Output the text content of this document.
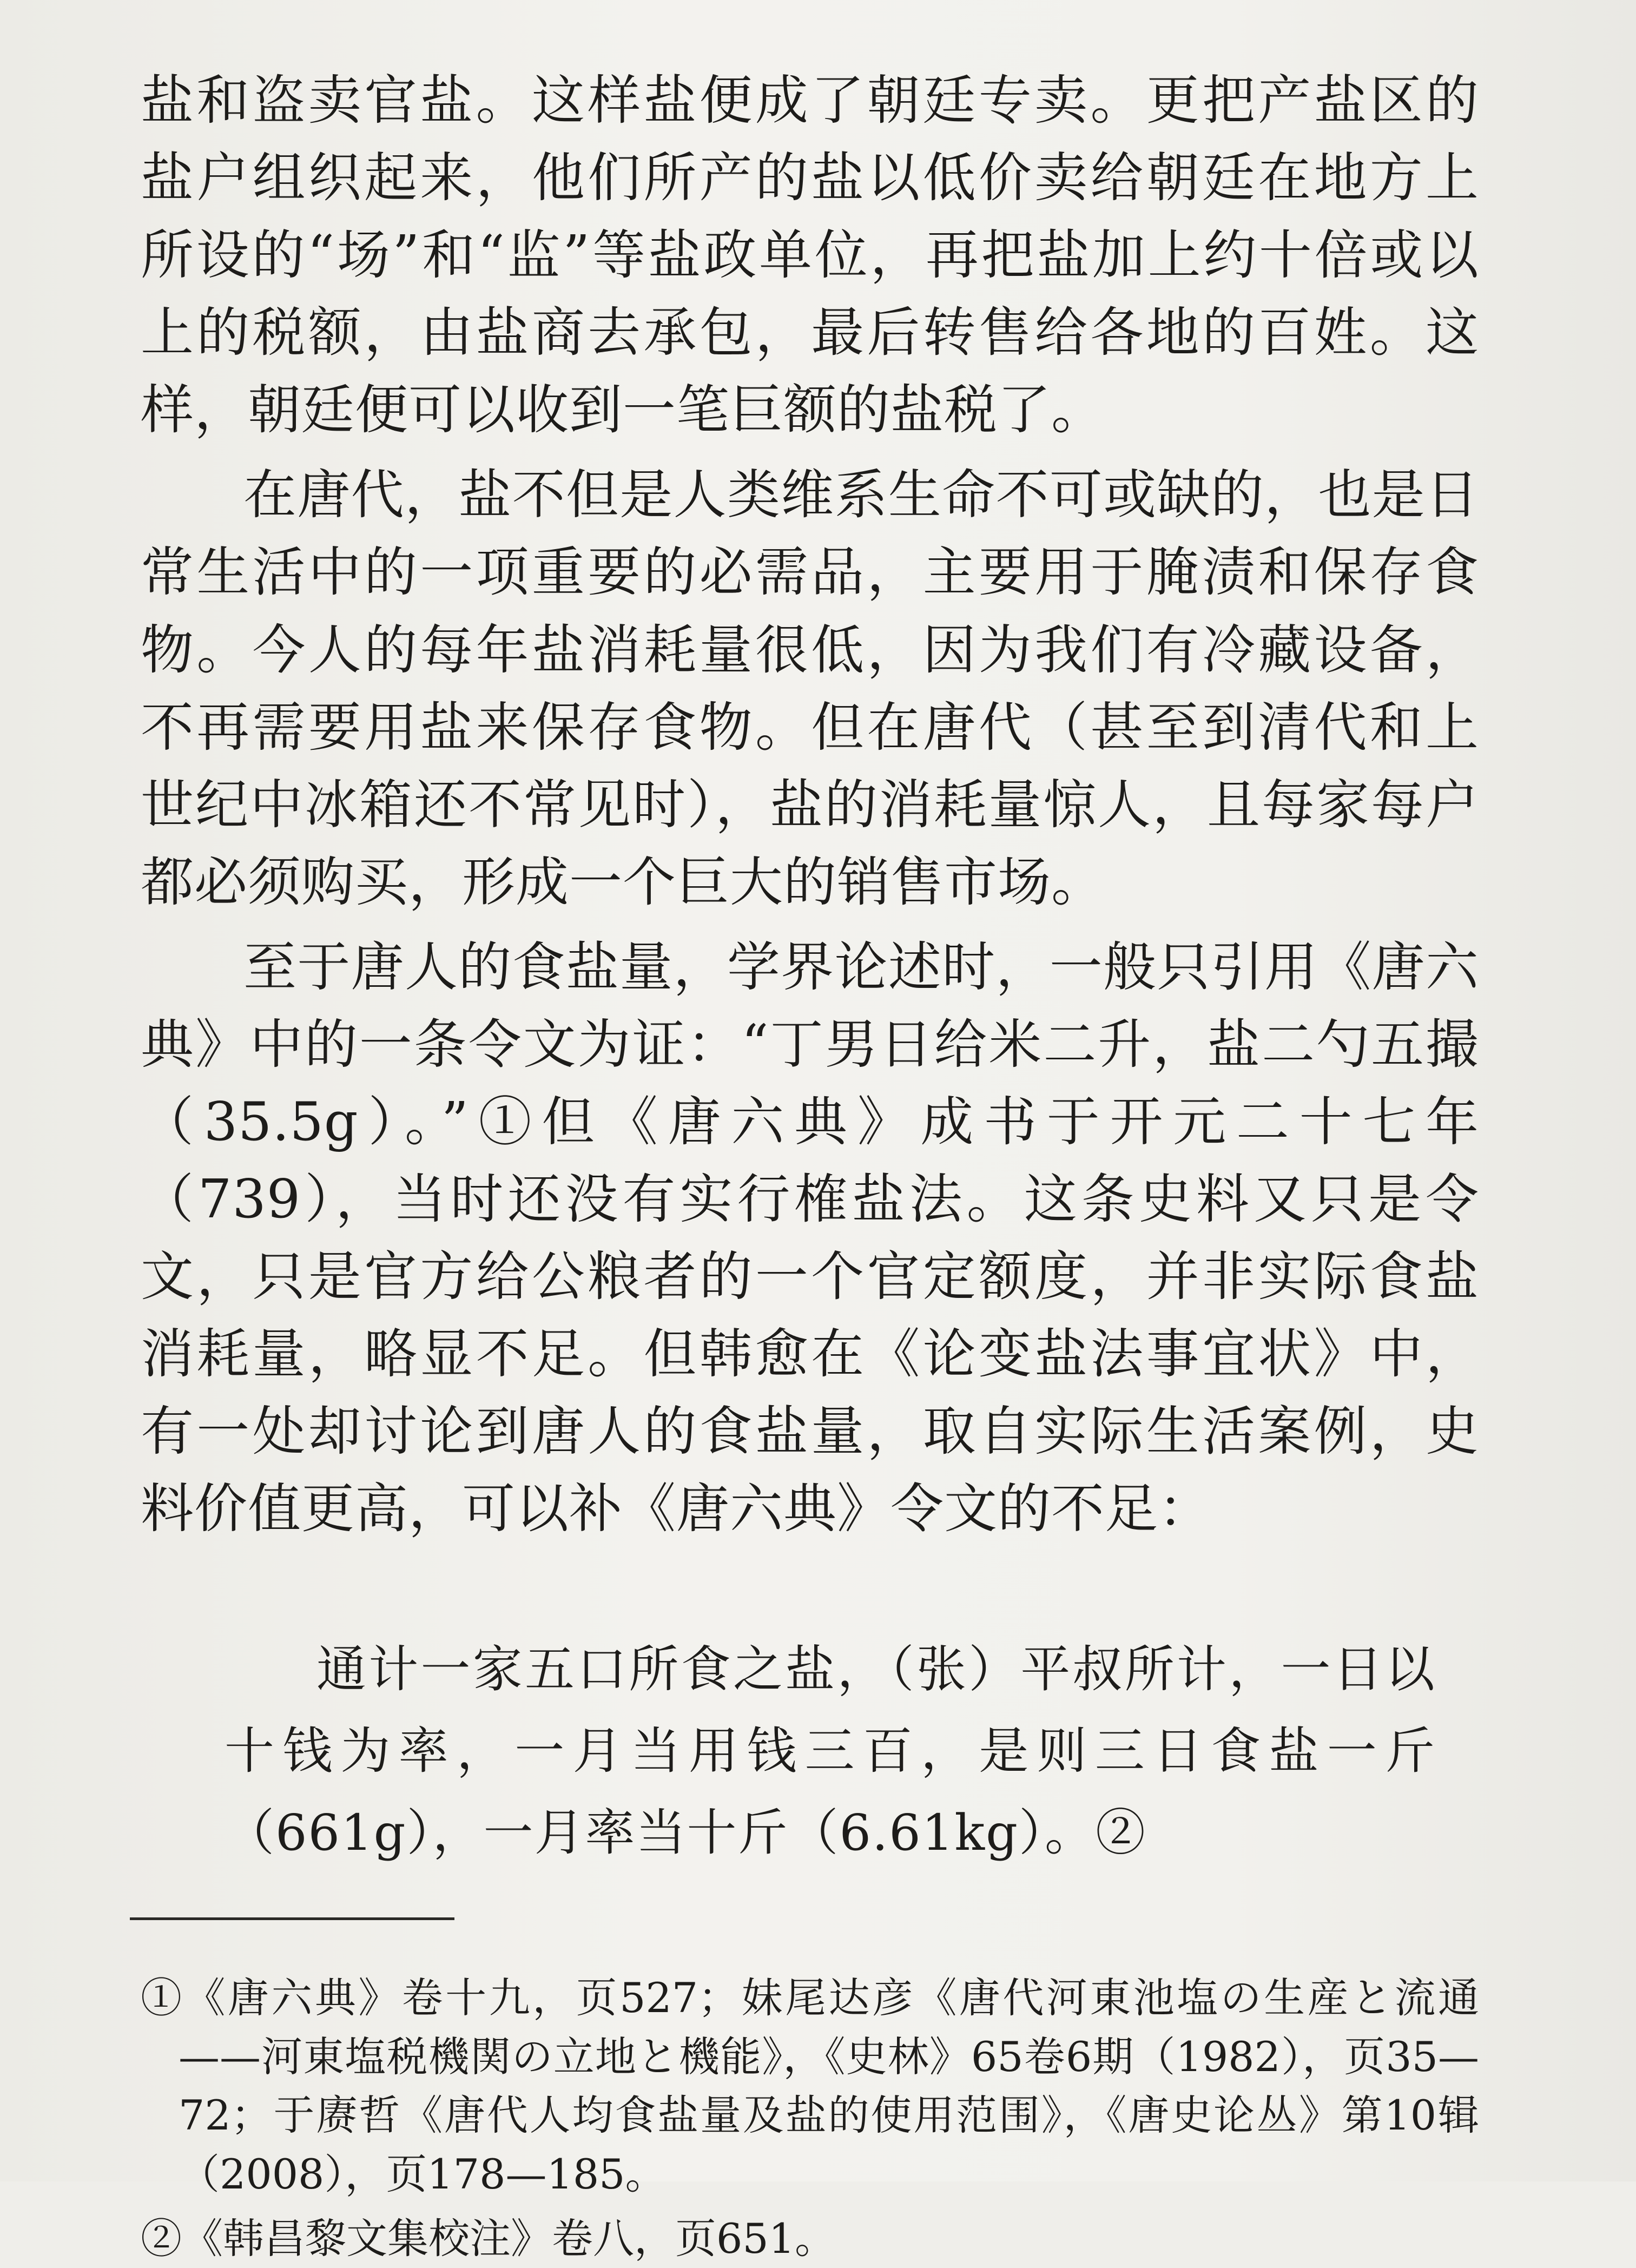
盐和盗卖官盐。这样盐便成了朝廷专卖。更把产盐区的盐户组织起来，他们所产的盐以低价卖给朝廷在地方上所设的“场”和“监”等盐政单位，再把盐加上约十倍或以上的税额，由盐商去承包，最后转售给各地的百姓。这样，朝廷便可以收到一笔巨额的盐税了。

在唐代，盐不但是人类维系生命不可或缺的，也是日常生活中的一项重要的必需品，主要用于腌渍和保存食物。今人的每年盐消耗量很低，因为我们有冷藏设备，不再需要用盐来保存食物。但在唐代（甚至到清代和上世纪中冰箱还不常见时），盐的消耗量惊人，且每家每户都必须购买，形成一个巨大的销售市场。

至于唐人的食盐量，学界论述时，一般只引用《唐六典》中的一条令文为证：“丁男日给米二升，盐二勺五撮（35.5g）。”①但《唐六典》成书于开元二十七年（739），当时还没有实行榷盐法。这条史料又只是令文，只是官方给公粮者的一个官定额度，并非实际食盐消耗量，略显不足。但韩愈在《论变盐法事宜状》中，有一处却讨论到唐人的食盐量，取自实际生活案例，史料价值更高，可以补《唐六典》令文的不足：

通计一家五口所食之盐，（张）平叔所计，一日以十钱为率，一月当用钱三百，是则三日食盐一斤（661g），一月率当十斤（6.61kg）。②

①《唐六典》卷十九，页527；妹尾达彦《唐代河東池塩の生産と流通——河東塩税機関の立地と機能》，《史林》65卷6期（1982），页35—72；于赓哲《唐代人均食盐量及盐的使用范围》，《唐史论丛》第10辑（2008），页178—185。

②《韩昌黎文集校注》卷八，页651。
